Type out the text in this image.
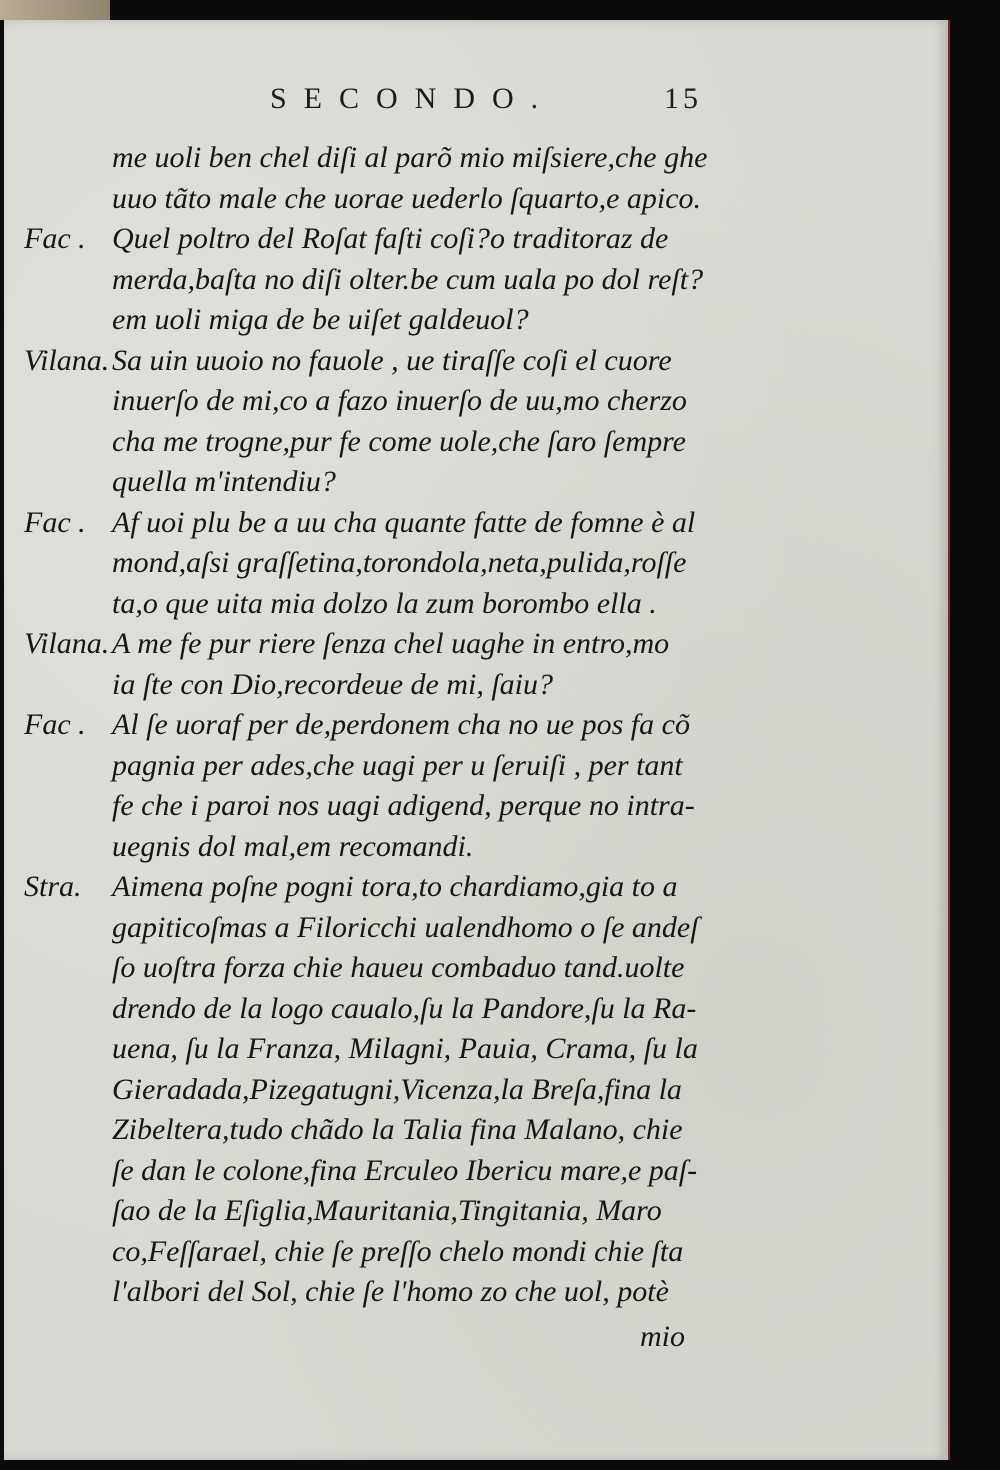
SECONDO.	15
me uoli ben chel diſi al parõ mio miſsiere,che ghe
uuo tãto male che uorae uederlo ſquarto,e apico.
Fac . Quel poltro del Roſat faſti coſi?o traditoraz de
merda,baſta no diſi olter.be cum uala po dol reſt?
em uoli miga de be uiſet galdeuol?
Vilana. Sa uin uuoio no fauole , ue tiraſſe coſi el cuore
inuerſo de mi,co a fazo inuerſo de uu,mo cherzo
cha me trogne,pur fe come uole,che ſaro ſempre
quella m'intendiu?
Fac . Af uoi plu be a uu cha quante fatte de fomne è al
mond,aſsi graſſetina,torondola,neta,pulida,roſſe
ta,o que uita mia dolzo la zum borombo ella .
Vilana. A me fe pur riere ſenza chel uaghe in entro,mo
ia ſte con Dio,recordeue de mi, ſaiu?
Fac . Al ſe uoraf per de,perdonem cha no ue pos fa cõ
pagnia per ades,che uagi per u ſeruiſi , per tant
fe che i paroi nos uagi adigend, perque no intra-
uegnis dol mal,em recomandi.
Stra.	Aimena poſne pogni tora,to chardiamo,gia to a
gapiticoſmas a Filoricchi ualendhomo o ſe andeſ
ſo uoſtra forza chie haueu combaduo tand.uolte
drendo de la logo caualo,ſu la Pandore,ſu la Ra-
uena, ſu la Franza, Milagni, Pauia, Crama, ſu la
Gieradada,Pizegatugni,Vicenza,la Breſa,fina la
Zibeltera,tudo chãdo la Talia fina Malano, chie
ſe dan le colone,fina Erculeo Ibericu mare,e paſ-
ſao de la Eſiglia,Mauritania,Tingitania, Maro
co,Feſſarael, chie ſe preſſo chelo mondi chie ſta
l'albori del Sol, chie ſe l'homo zo che uol, potè
mio
